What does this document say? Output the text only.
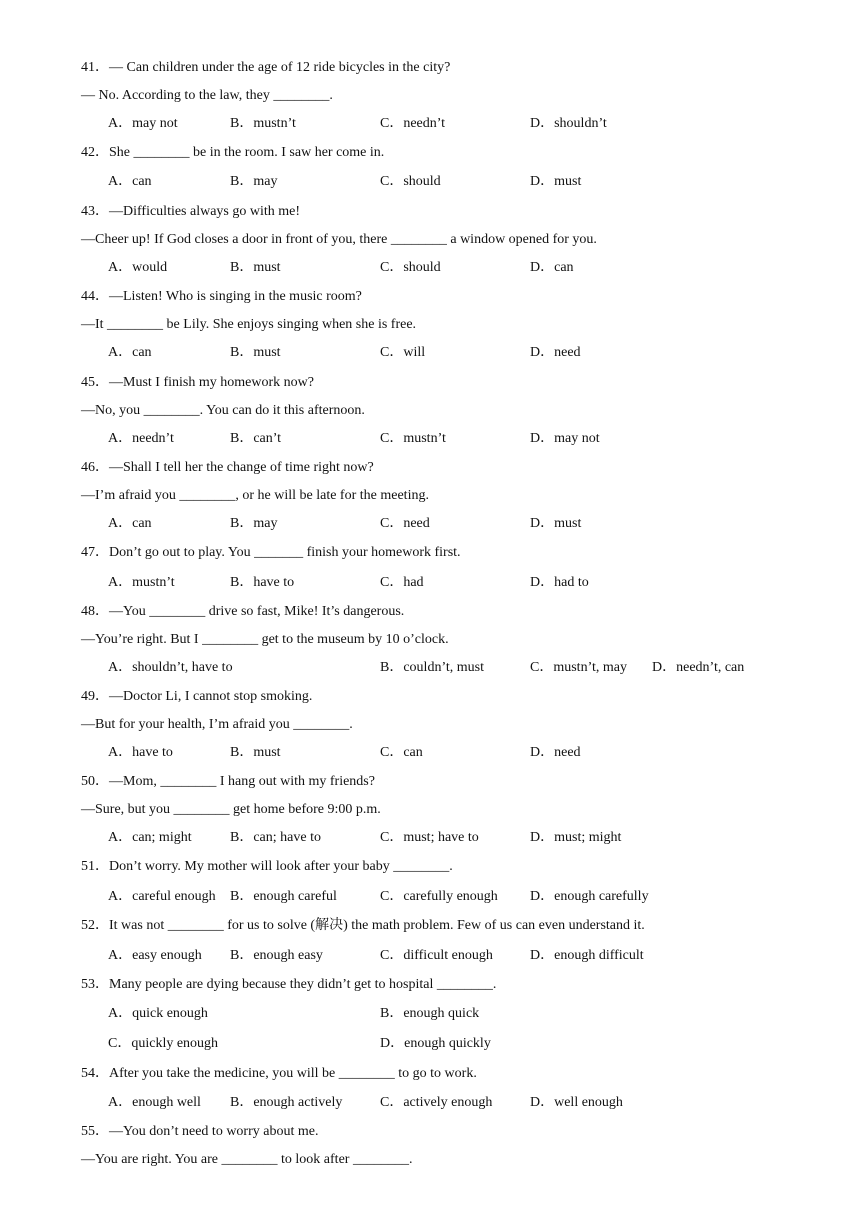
41．— Can children under the age of 12 ride bicycles in the city?
— No. According to the law, they ________.
A．may not	B．mustn’t	C．needn’t	D．shouldn’t
42．She ________ be in the room. I saw her come in.
A．can	B．may	C．should	D．must
43．—Difficulties always go with me!
—Cheer up! If God closes a door in front of you, there ________ a window opened for you.
A．would	B．must	C．should	D．can
44．—Listen! Who is singing in the music room?
—It ________ be Lily. She enjoys singing when she is free.
A．can	B．must	C．will	D．need
45．—Must I finish my homework now?
—No, you ________. You can do it this afternoon.
A．needn’t	B．can’t	C．mustn’t	D．may not
46．—Shall I tell her the change of time right now?
—I’m afraid you ________, or he will be late for the meeting.
A．can	B．may	C．need	D．must
47．Don’t go out to play. You _______ finish your homework first.
A．mustn’t	B．have to	C．had	D．had to
48．—You ________ drive so fast, Mike! It’s dangerous.
—You’re right. But I ________ get to the museum by 10 o’clock.
A．shouldn’t, have to	B．couldn’t, must	C．mustn’t, may D．needn’t, can
49．—Doctor Li, I cannot stop smoking.
—But for your health, I’m afraid you ________.
A．have to	B．must	C．can	D．need
50．—Mom, ________ I hang out with my friends?
—Sure, but you ________ get home before 9:00 p.m.
A．can; might	B．can; have to	C．must; have to	D．must; might
51．Don’t worry. My mother will look after your baby ________.
A．careful enough B．enough careful	C．carefully enough D．enough carefully
52．It was not ________ for us to solve (解决) the math problem. Few of us can even understand it.
A．easy enough B．enough easy	C．difficult enough	D．enough difficult
53．Many people are dying because they didn’t get to hospital ________.
A．quick enough	B．enough quick
C．quickly enough	D．enough quickly
54．After you take the medicine, you will be ________ to go to work.
A．enough well B．enough actively	C．actively enough	D．well enough
55．—You don’t need to worry about me.
—You are right. You are ________ to look after ________.
